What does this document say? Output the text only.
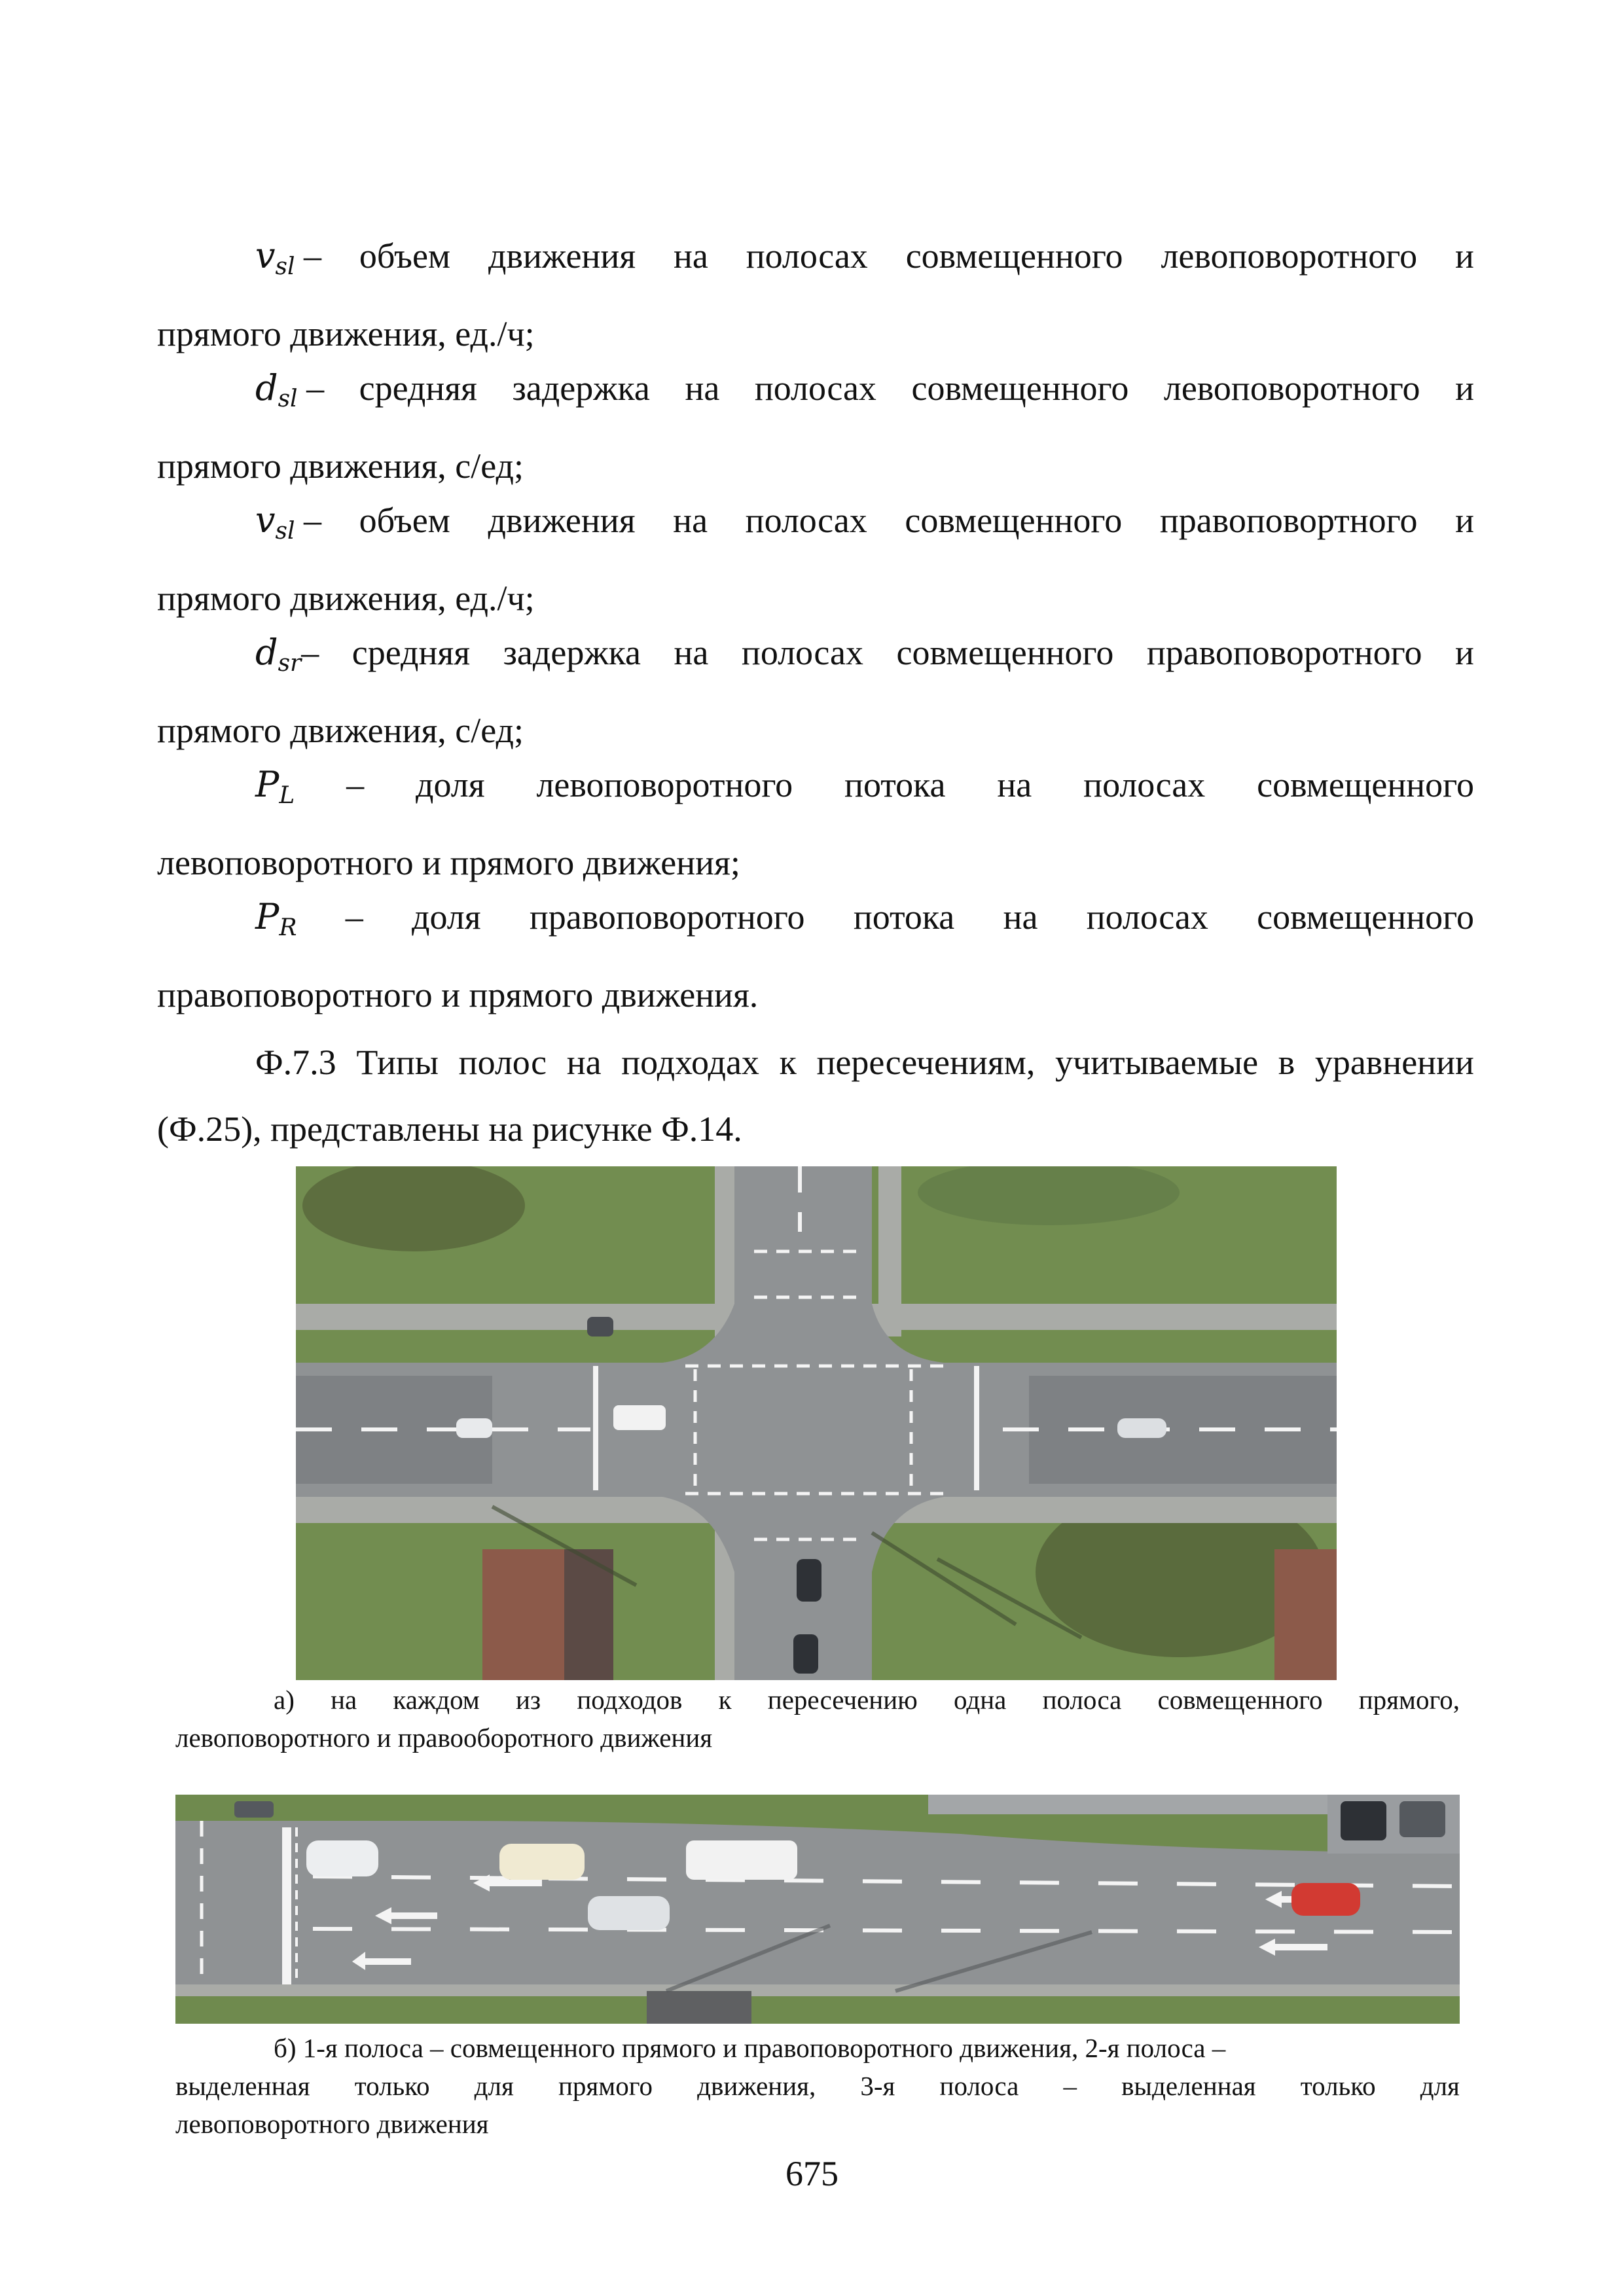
$v_{sl}$ – объем движения на полосах совмещенного левоповоротного и
прямого движения, ед./ч;
$d_{sl}$ – средняя задержка на полосах совмещенного левоповоротного и
прямого движения, с/ед;
$v_{sl}$ – объем движения на полосах совмещенного правоповортного и
прямого движения, ед./ч;
$d_{sr}-$ средняя задержка на полосах совмещенного правоповоротного и
прямого движения, с/ед;
$P_L$ – доля левоповоротного потока на полосах совмещенного
левоповоротного и прямого движения;
$P_R$ – доля правоповоротного потока на полосах совмещенного
правоповоротного и прямого движения.
Ф.7.3 Типы полос на подходах к пересечениям, учитываемые в уравнении
(Ф.25), представлены на рисунке Ф.14.
а) на каждом из подходов к пересечению одна полоса совмещенного прямого,
левоповоротного и правооборотного движения
б) 1-я полоса – совмещенного прямого и правоповоротного движения, 2-я полоса –
выделенная только для прямого движения, 3-я полоса – выделенная только для
левоповоротного движения
675
